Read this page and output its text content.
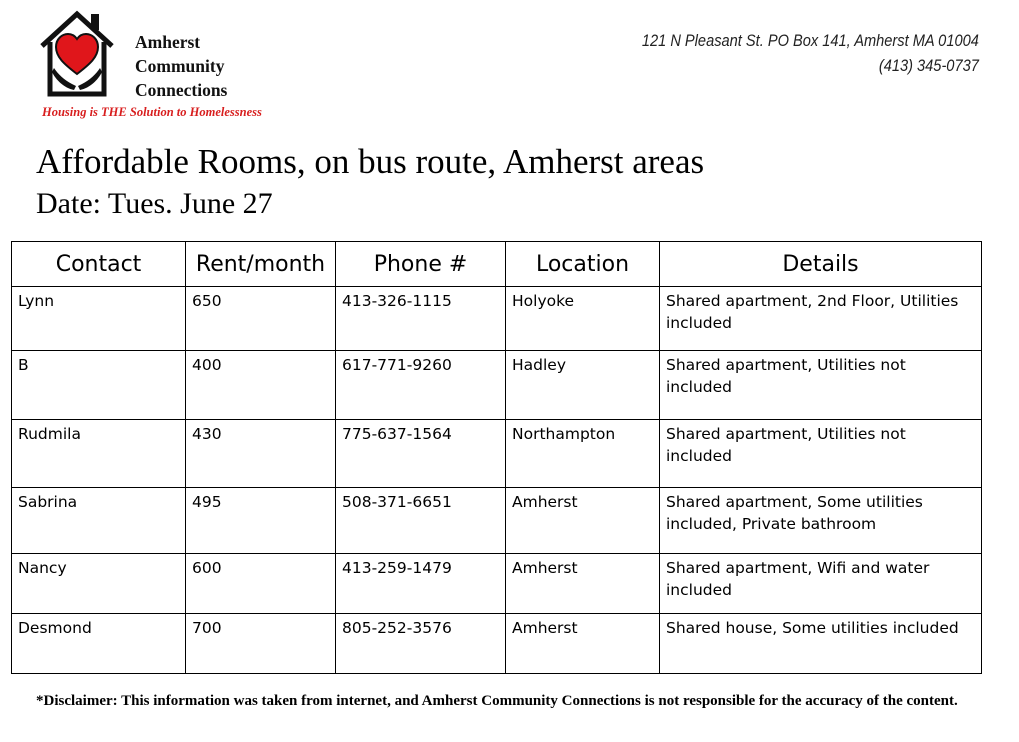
Amherst
Community
Connections
Housing is THE Solution to Homelessness
121 N Pleasant St. PO Box 141, Amherst MA 01004
(413) 345-0737
Affordable Rooms, on bus route, Amherst areas
Date: Tues. June 27
Contact	Rent/month	Phone #	Location	Details
Lynn	650	413-326-1115	Holyoke	Shared apartment, 2nd Floor, Utilities included
B	400	617-771-9260	Hadley	Shared apartment, Utilities not included
Rudmila	430	775-637-1564	Northampton	Shared apartment, Utilities not included
Sabrina	495	508-371-6651	Amherst	Shared apartment, Some utilities included, Private bathroom
Nancy	600	413-259-1479	Amherst	Shared apartment, Wifi and water included
Desmond	700	805-252-3576	Amherst	Shared house, Some utilities included
*Disclaimer: This information was taken from internet, and Amherst Community Connections is not responsible for the accuracy of the content.
